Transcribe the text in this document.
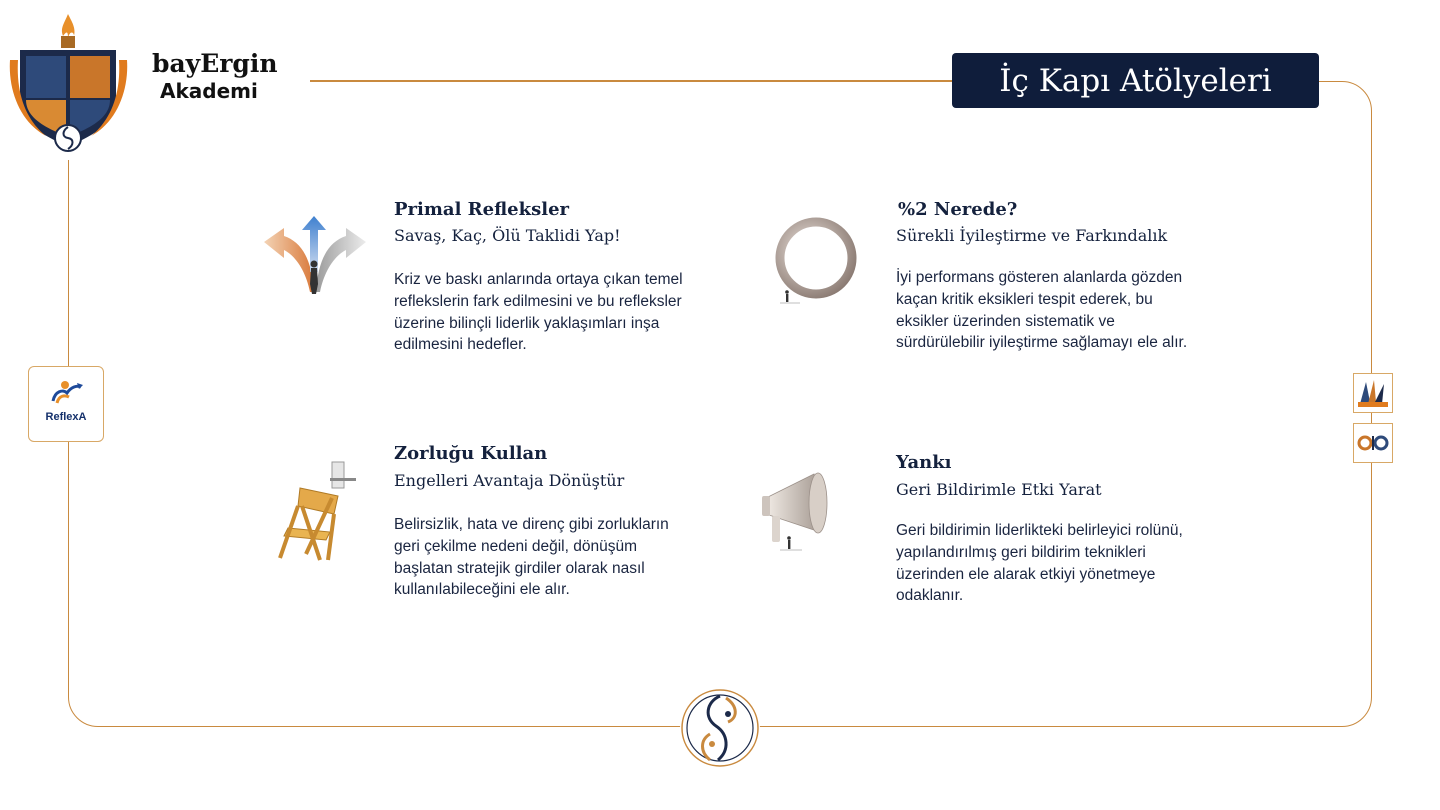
bayErgin
Akademi	İç Kapı Atölyeleri
ReflexA
Primal Refleksler
Savaş, Kaç, Ölü Taklidi Yap!
Kriz ve baskı anlarında ortaya çıkan temel reflekslerin fark edilmesini ve bu refleksler üzerine bilinçli liderlik yaklaşımları inşa edilmesini hedefler.
%2 Nerede?
Sürekli İyileştirme ve Farkındalık
İyi performans gösteren alanlarda gözden kaçan kritik eksikleri tespit ederek, bu eksikler üzerinden sistematik ve sürdürülebilir iyileştirme sağlamayı ele alır.
Zorluğu Kullan
Engelleri Avantaja Dönüştür
Belirsizlik, hata ve direnç gibi zorlukların geri çekilme nedeni değil, dönüşüm başlatan stratejik girdiler olarak nasıl kullanılabileceğini ele alır.
Yankı
Geri Bildirimle Etki Yarat
Geri bildirimin liderlikteki belirleyici rolünü, yapılandırılmış geri bildirim teknikleri üzerinden ele alarak etkiyi yönetmeye odaklanır.
